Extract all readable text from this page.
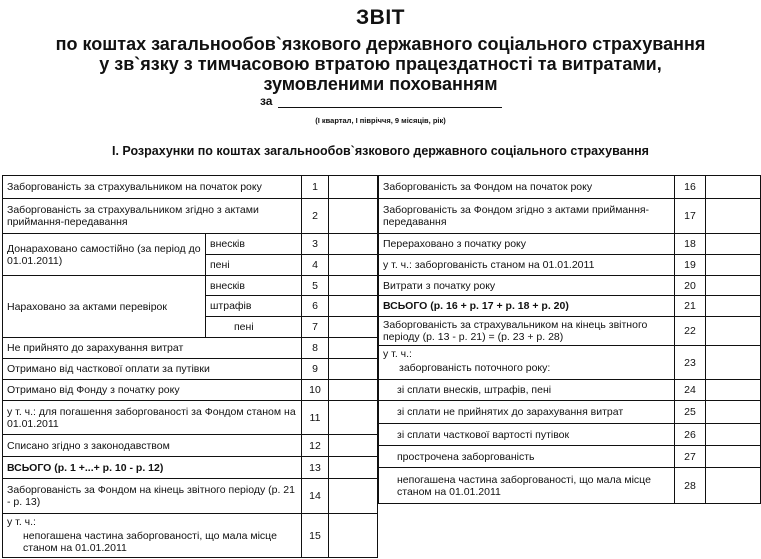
ЗВІТ
по коштах загальнообов`язкового державного соціального страхування
у зв`язку з тимчасовою втратою працездатності та витратами,
зумовленими похованням
за
(І квартал, І півріччя, 9 місяців, рік)
І. Розрахунки по коштах загальнообов`язкового державного соціального страхування
Заборгованість за страхувальником на початок року		1	
Заборгованість за страхувальником згідно з актами приймання-передавання		2	
Донараховано самостійно (за період до 01.01.2011)	внесків	3	
	пені	4	
Нараховано за актами перевірок	внесків	5	
	штрафів	6	
	пені	7	
Не прийнято до зарахування витрат		8	
Отримано від часткової оплати за путівки		9	
Отримано від Фонду з початку року		10	
у т. ч.: для погашення заборгованості за Фондом станом на 01.01.2011		11	
Списано згідно з законодавством		12	
ВСЬОГО (р. 1 +...+ р. 10 - р. 12)		13	
Заборгованість за Фондом на кінець звітного періоду (р. 21 - р. 13)		14	
у т. ч.:
непогашена частина заборгованості, що мала місце станом на 01.01.2011		15	
Заборгованість за Фондом на початок року	16	
Заборгованість за Фондом згідно з актами приймання-передавання	17	
Перераховано з початку року	18	
у т. ч.: заборгованість станом на 01.01.2011	19	
Витрати з початку року	20	
ВСЬОГО (р. 16 + р. 17 + р. 18 + р. 20)	21	
Заборгованість за страхувальником на кінець звітного періоду (р. 13 - р. 21) = (р. 23 + р. 28)	22	
у т. ч.:
заборгованість поточного року:	23	
зі сплати внесків, штрафів, пені	24	
зі сплати не прийнятих до зарахування витрат	25	
зі сплати часткової вартості путівок	26	
прострочена заборгованість	27	
непогашена частина заборгованості, що мала місце станом на 01.01.2011	28	
